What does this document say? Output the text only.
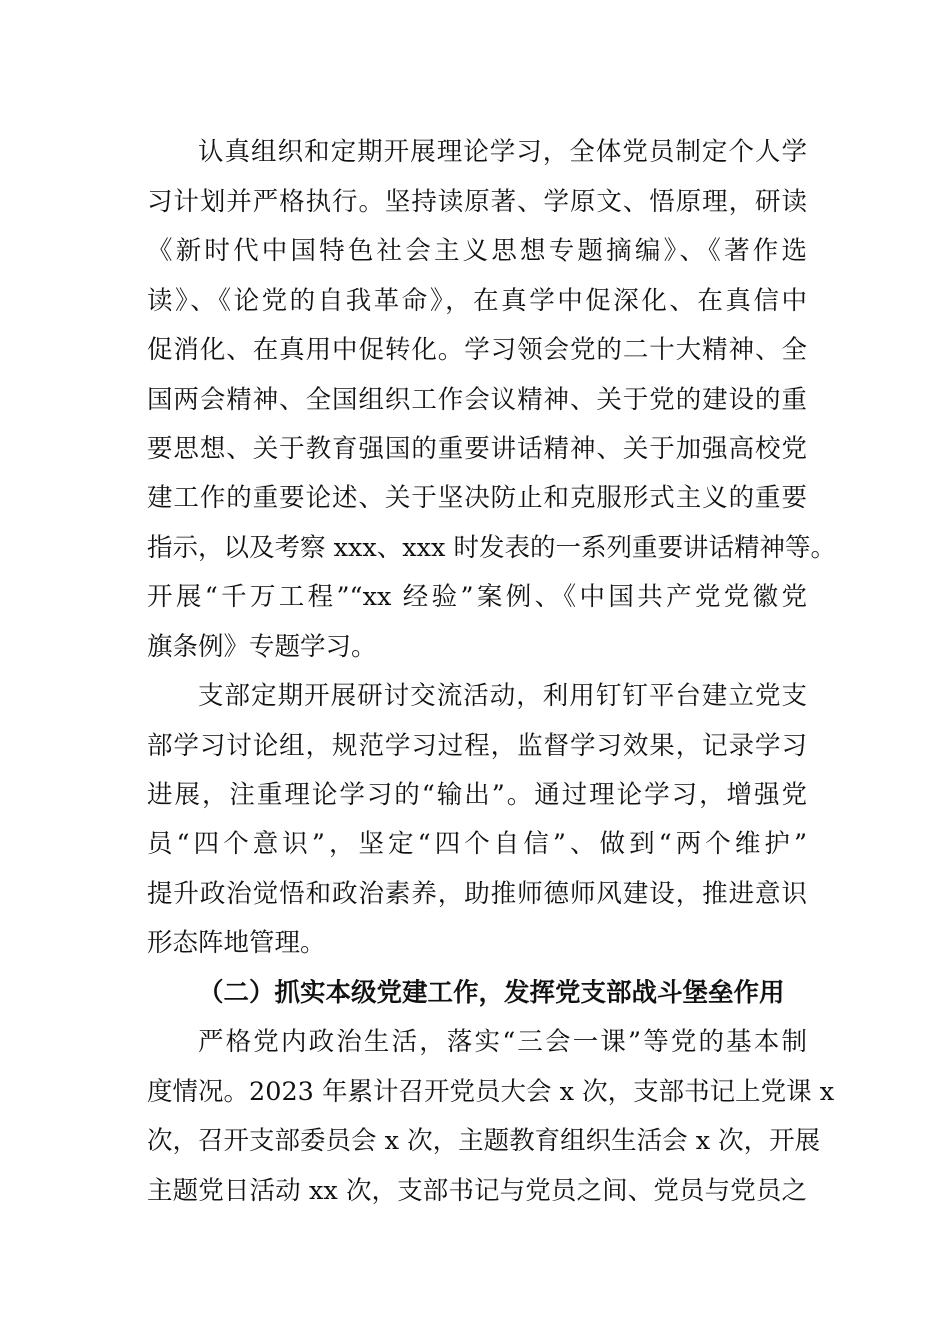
认真组织和定期开展理论学习，全体党员制定个人学
习计划并严格执行。坚持读原著、学原文、悟原理，研读
《新时代中国特色社会主义思想专题摘编》、《著作选
读》、《论党的自我革命》，在真学中促深化、在真信中
促消化、在真用中促转化。学习领会党的二十大精神、全
国两会精神、全国组织工作会议精神、关于党的建设的重
要思想、关于教育强国的重要讲话精神、关于加强高校党
建工作的重要论述、关于坚决防止和克服形式主义的重要
指示，以及考察 xxx、xxx 时发表的一系列重要讲话精神等。
开展“千万工程”“xx 经验”案例、《中国共产党党徽党
旗条例》专题学习。
支部定期开展研讨交流活动，利用钉钉平台建立党支
部学习讨论组，规范学习过程，监督学习效果，记录学习
进展，注重理论学习的“输出”。通过理论学习，增强党
员“四个意识”，坚定“四个自信”、做到“两个维护”
提升政治觉悟和政治素养，助推师德师风建设，推进意识
形态阵地管理。
（二）抓实本级党建工作，发挥党支部战斗堡垒作用
严格党内政治生活，落实“三会一课”等党的基本制
度情况。2023 年累计召开党员大会 x 次，支部书记上党课 x
次，召开支部委员会 x 次，主题教育组织生活会 x 次，开展
主题党日活动 xx 次，支部书记与党员之间、党员与党员之
